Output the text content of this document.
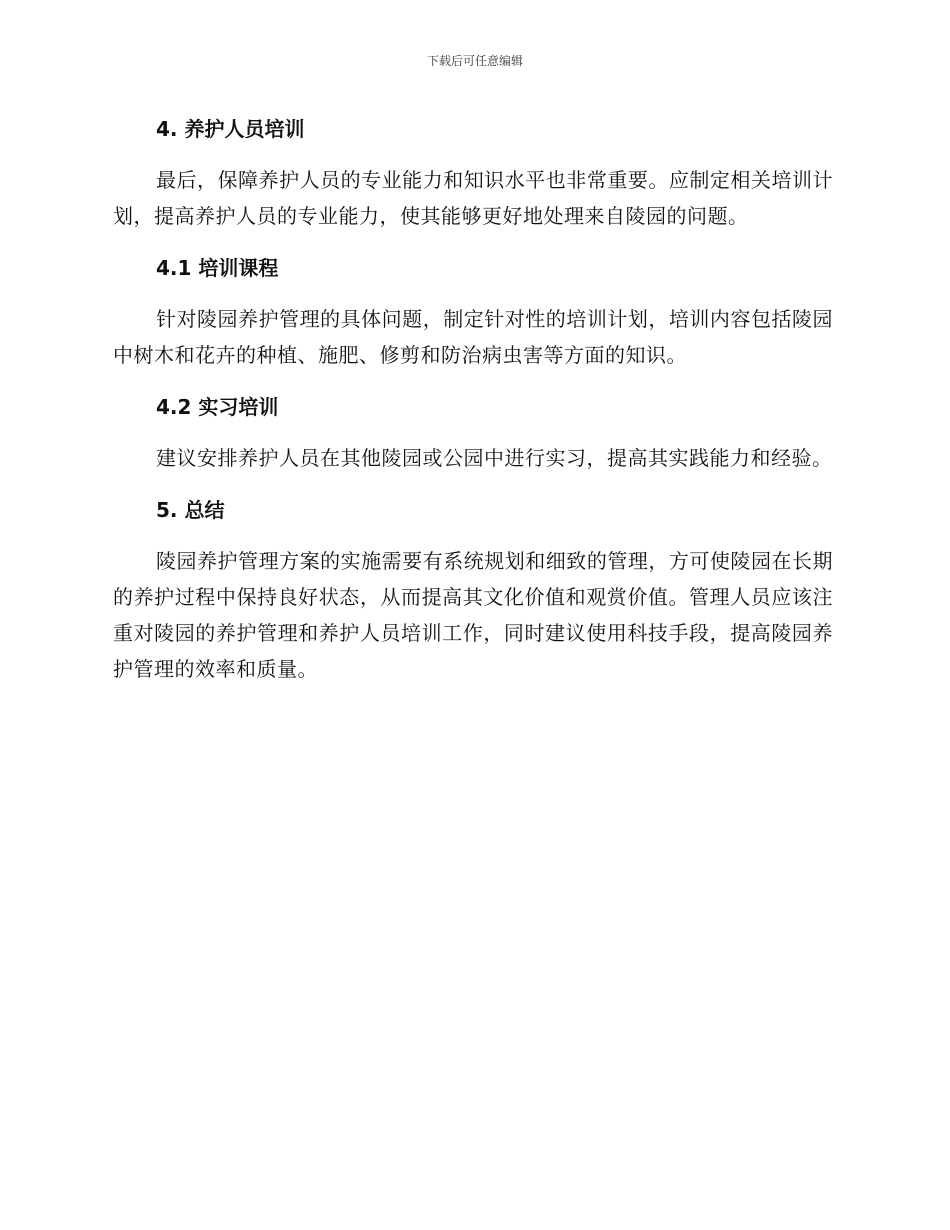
下载后可任意编辑
4. 养护人员培训

最后，保障养护人员的专业能力和知识水平也非常重要。应制定相关培训计划，提高养护人员的专业能力，使其能够更好地处理来自陵园的问题。

4.1 培训课程

针对陵园养护管理的具体问题，制定针对性的培训计划，培训内容包括陵园中树木和花卉的种植、施肥、修剪和防治病虫害等方面的知识。

4.2 实习培训

建议安排养护人员在其他陵园或公园中进行实习，提高其实践能力和经验。

5. 总结

陵园养护管理方案的实施需要有系统规划和细致的管理，方可使陵园在长期的养护过程中保持良好状态，从而提高其文化价值和观赏价值。管理人员应该注重对陵园的养护管理和养护人员培训工作，同时建议使用科技手段，提高陵园养护管理的效率和质量。
